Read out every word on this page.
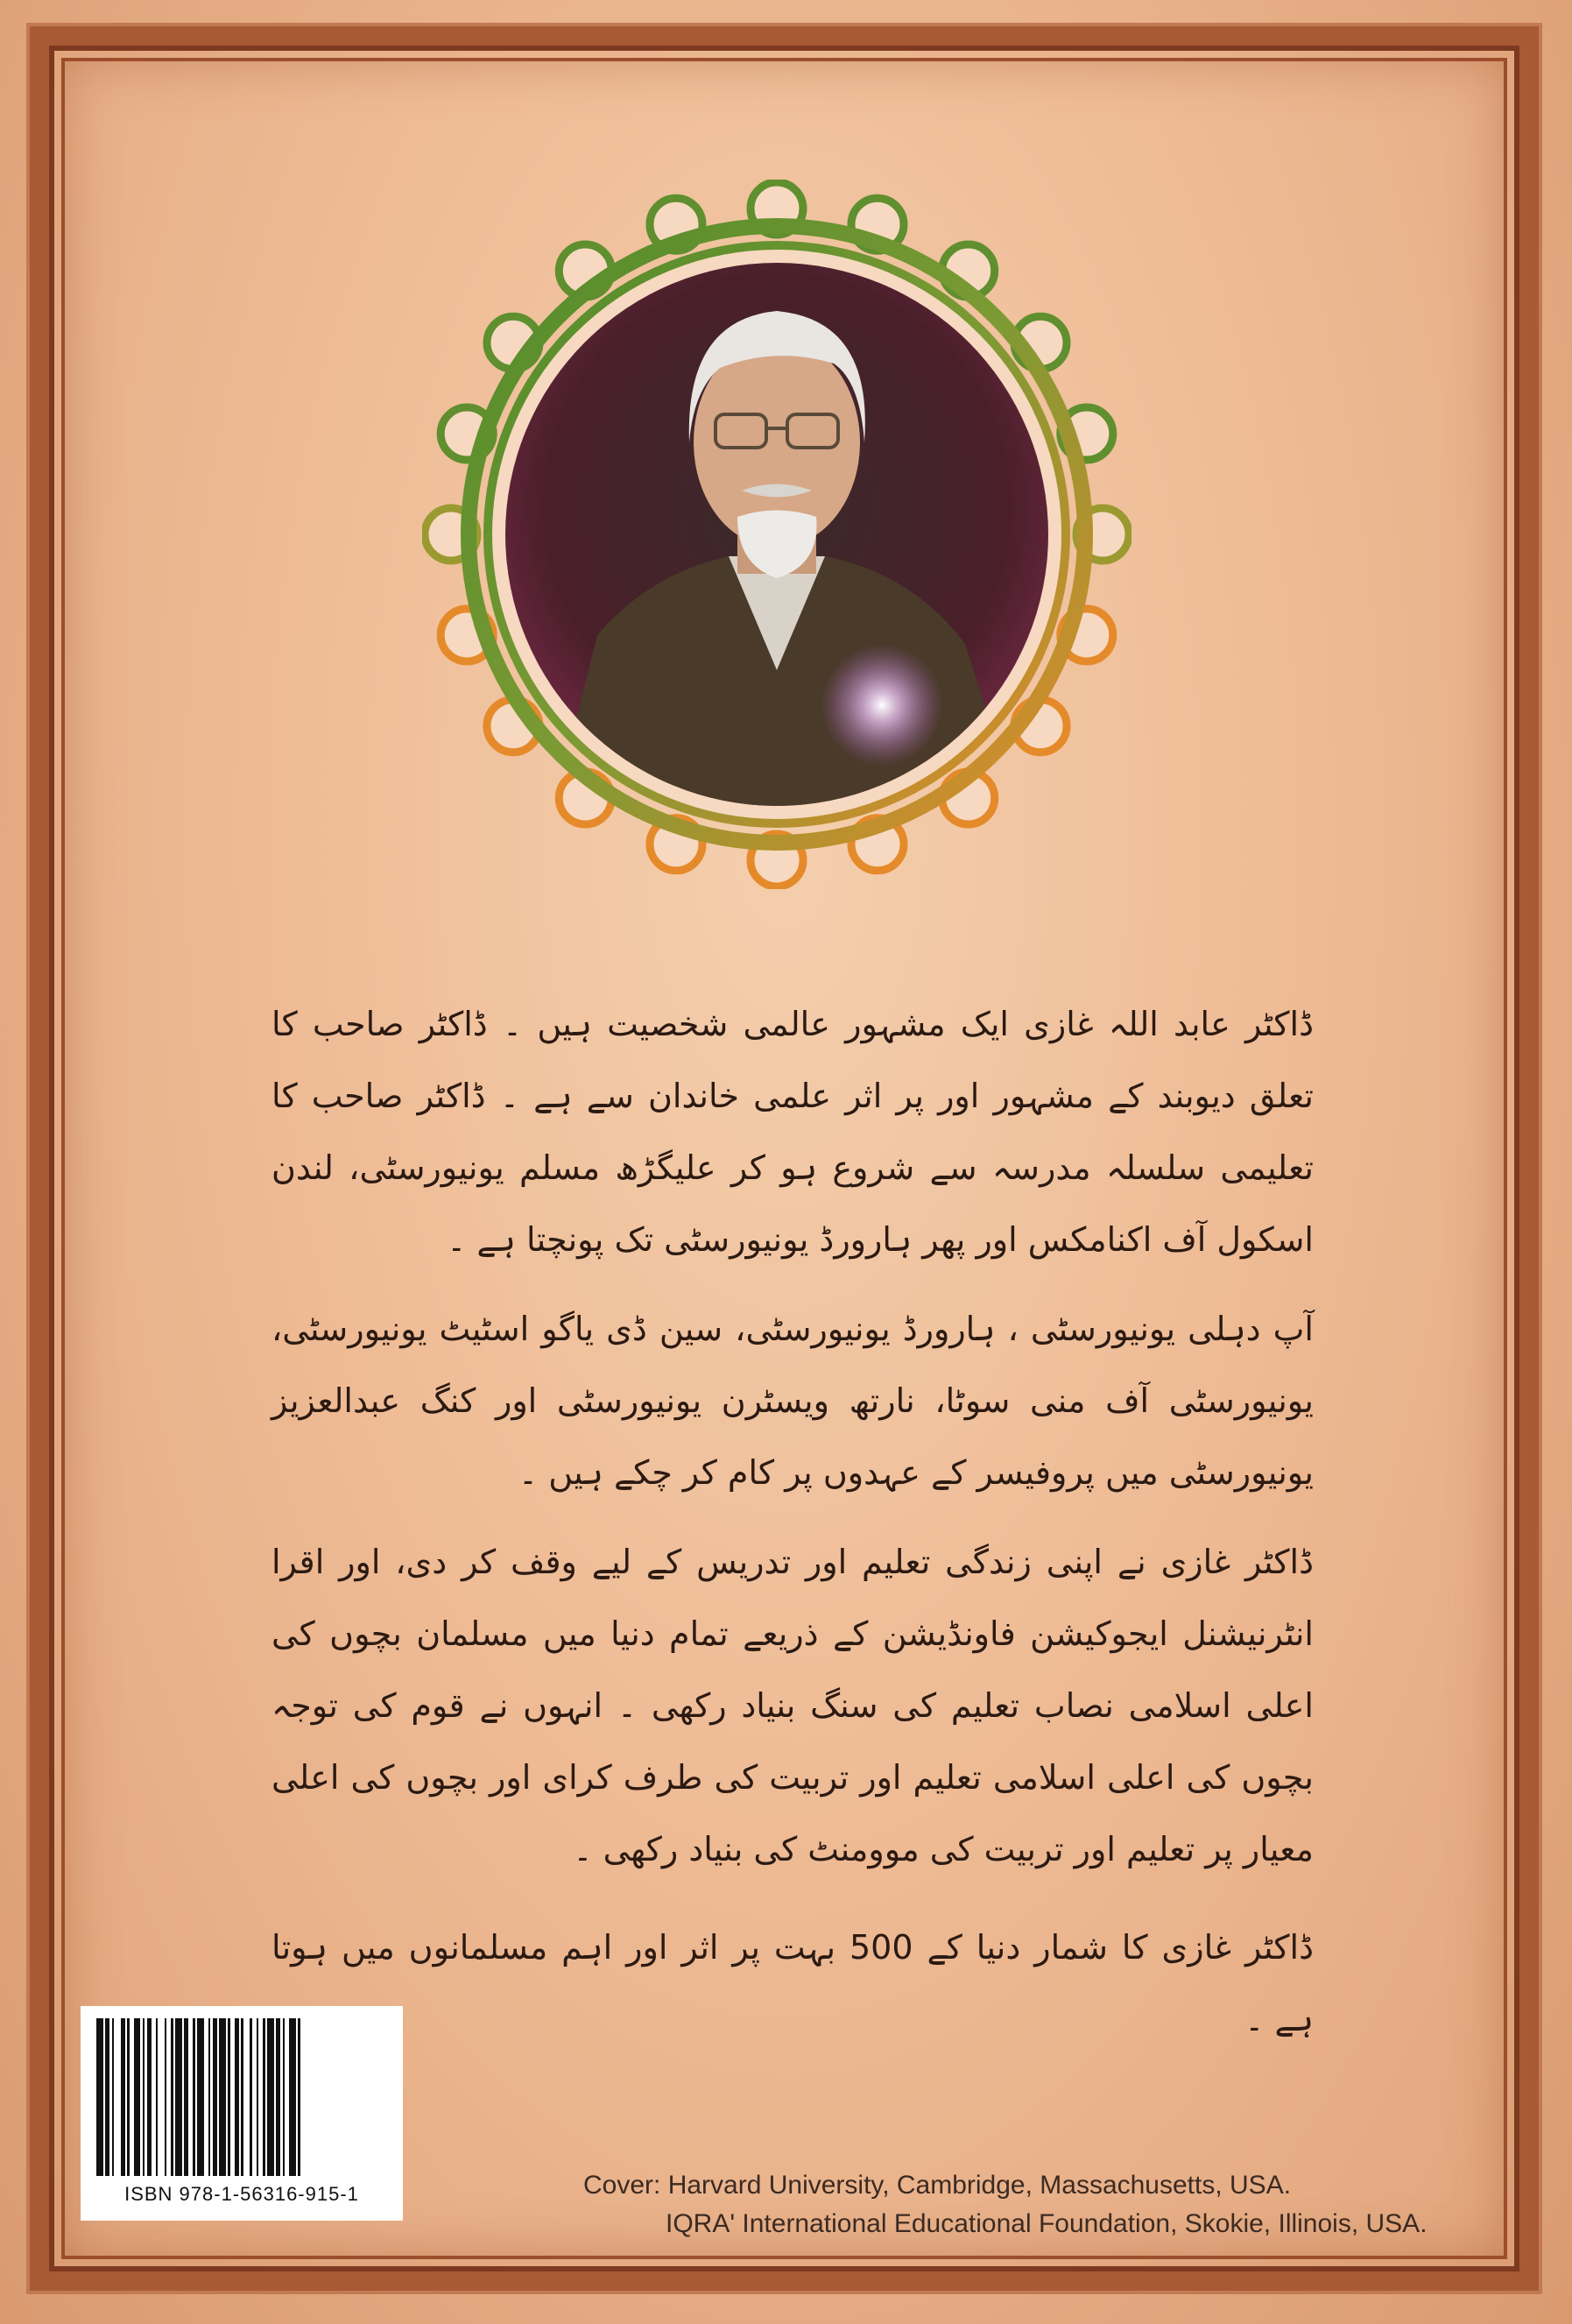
ڈاکٹر عابد اللہ غازی ایک مشہور عالمی شخصیت ہیں ۔ ڈاکٹر صاحب کا تعلق دیوبند کے مشہور اور پر اثر علمی خاندان سے ہے ۔ ڈاکٹر صاحب کا تعلیمی سلسلہ مدرسہ سے شروع ہو کر علیگڑھ مسلم یونیورسٹی، لندن اسکول آف اکنامکس اور پھر ہارورڈ یونیورسٹی تک پونچتا ہے ۔

آپ دہلی یونیورسٹی ، ہارورڈ یونیورسٹی، سین ڈی یاگو اسٹیٹ یونیورسٹی، یونیورسٹی آف منی سوٹا، نارتھ ویسٹرن یونیورسٹی اور کنگ عبدالعزیز یونیورسٹی میں پروفیسر کے عہدوں پر کام کر چکے ہیں ۔

ڈاکٹر غازی نے اپنی زندگی تعلیم اور تدریس کے لیے وقف کر دی، اور اقرا انٹرنیشنل ایجوکیشن فاونڈیشن کے ذریعے تمام دنیا میں مسلمان بچوں کی اعلی اسلامی نصاب تعلیم کی سنگ بنیاد رکھی ۔ انہوں نے قوم کی توجہ بچوں کی اعلی اسلامی تعلیم اور تربیت کی طرف کرای اور بچوں کی اعلی معیار پر تعلیم اور تربیت کی موومنٹ کی بنیاد رکھی ۔

ڈاکٹر غازی کا شمار دنیا کے 500 بہت پر اثر اور اہم مسلمانوں میں ہوتا ہے ۔

ISBN 978-1-56316-915-1	Cover: Harvard University, Cambridge, Massachusetts, USA.
IQRA' International Educational Foundation, Skokie, Illinois, USA.
